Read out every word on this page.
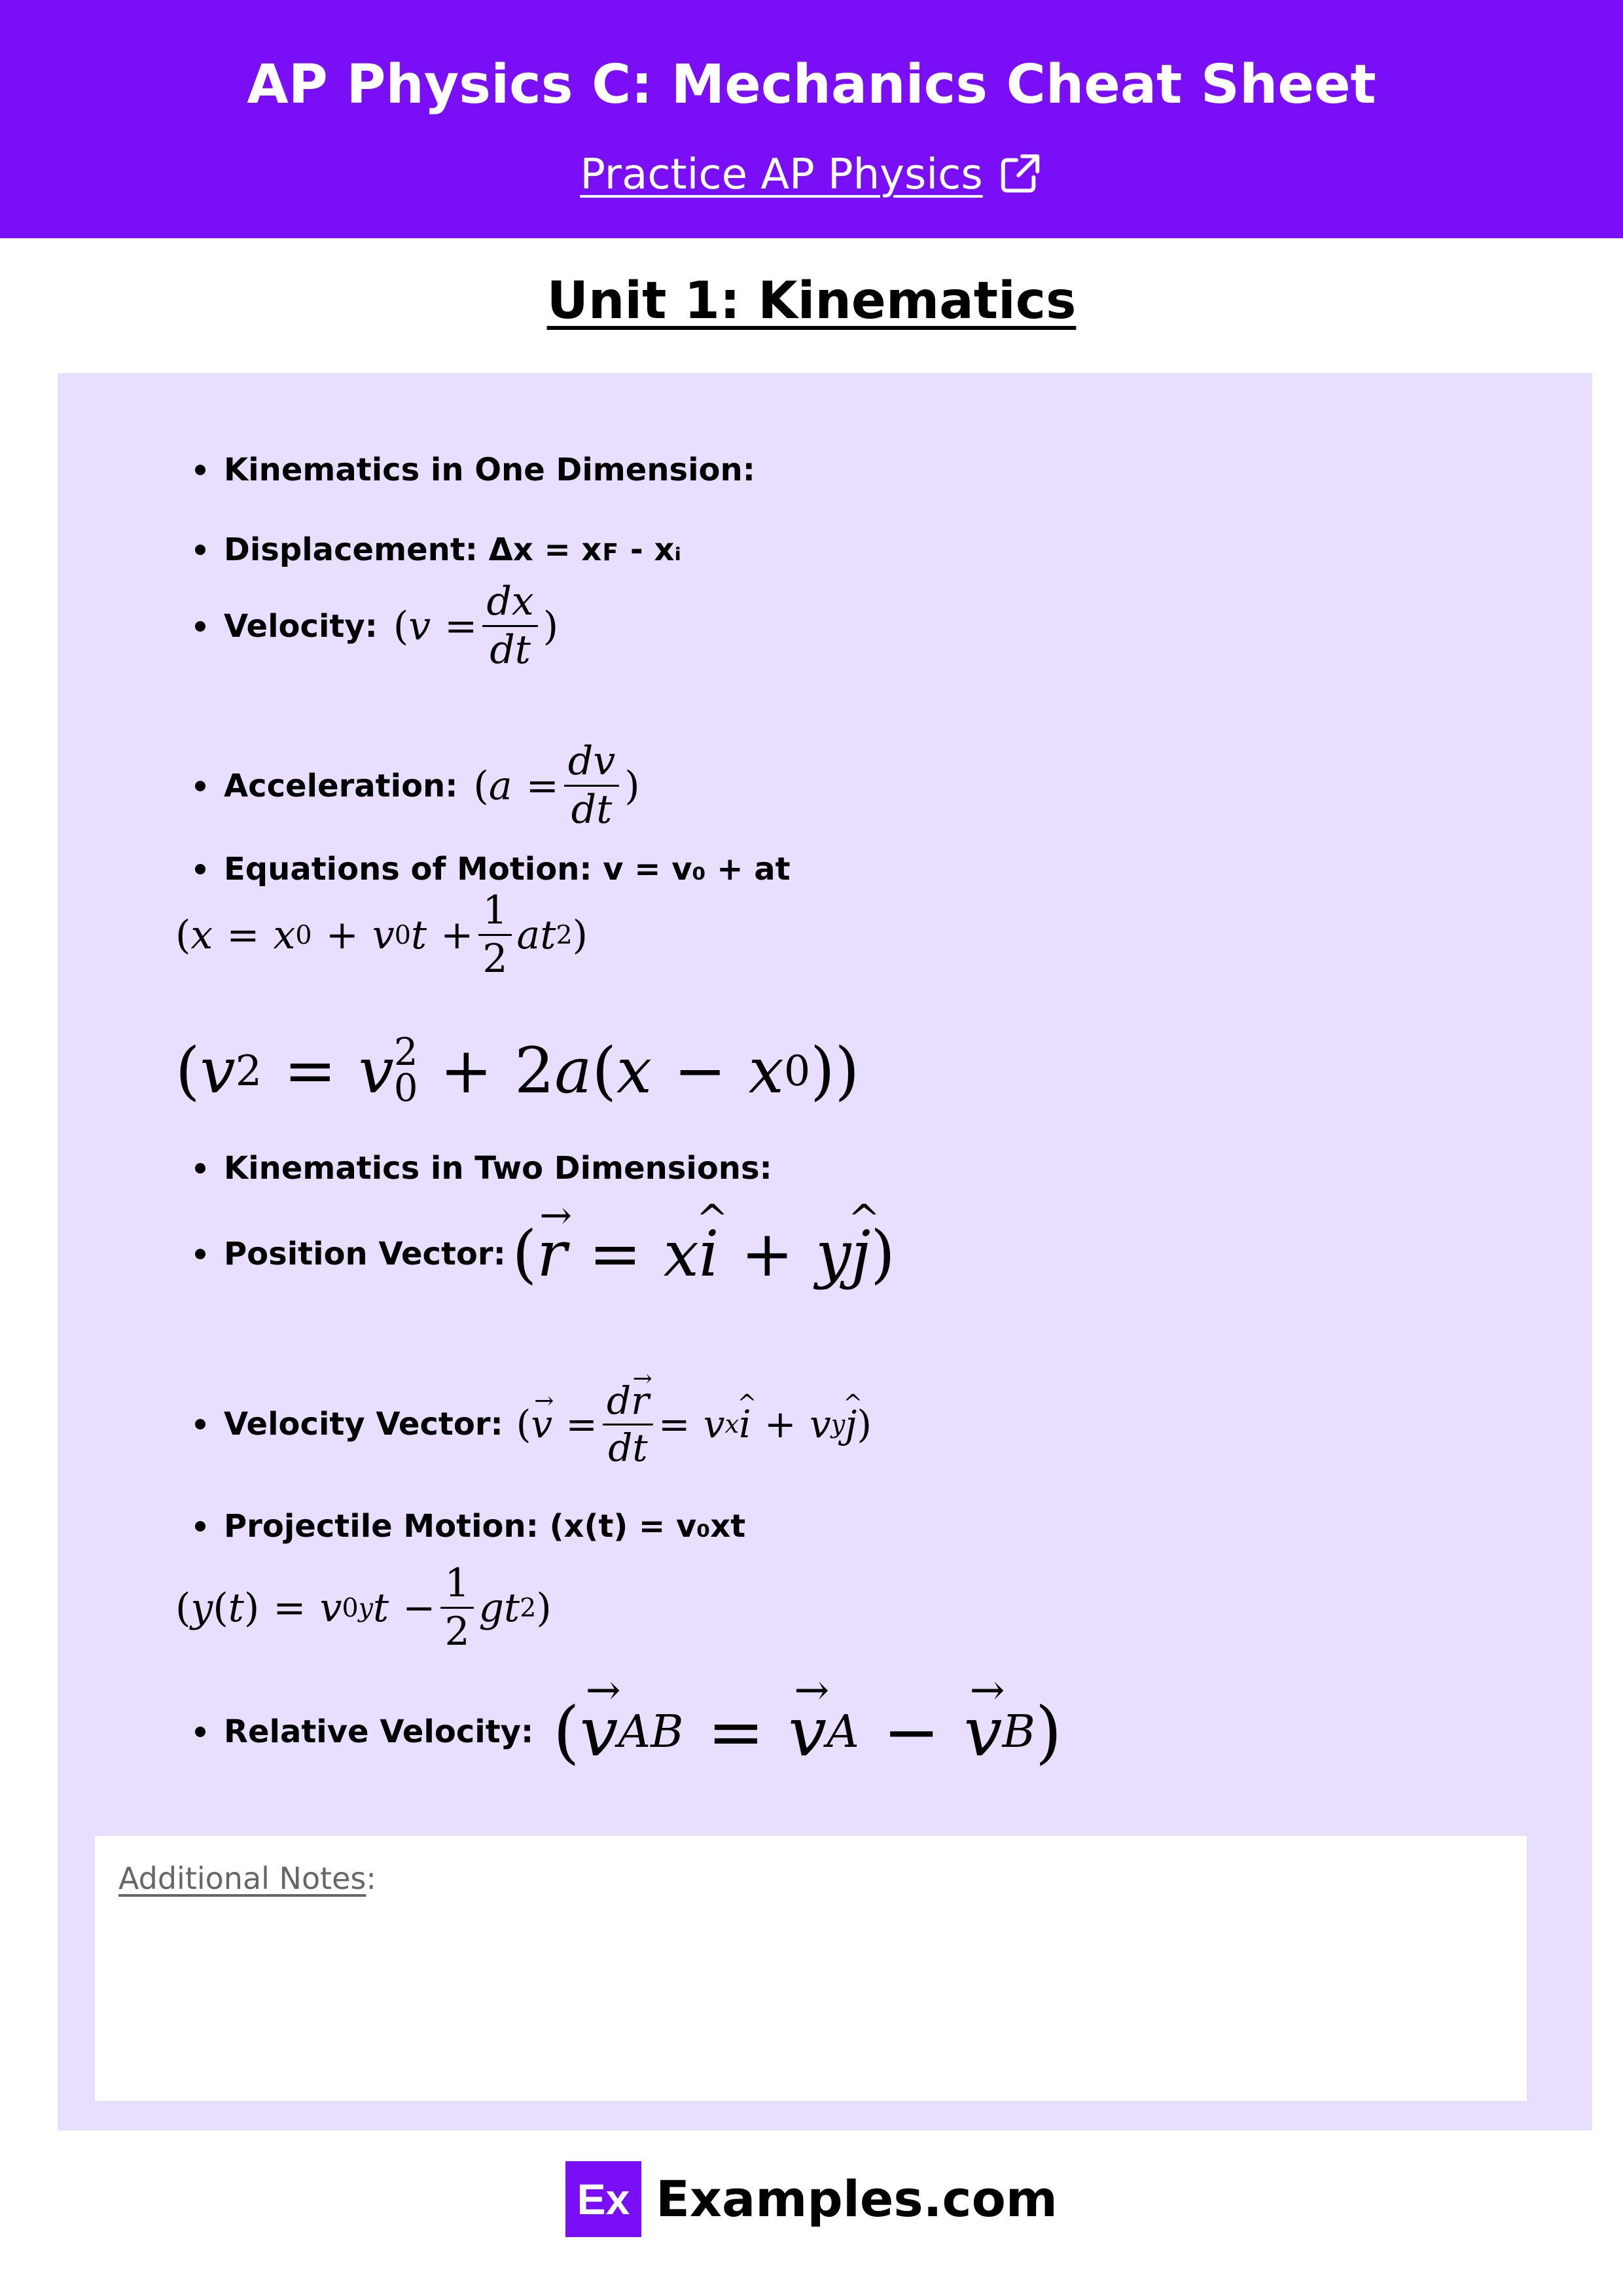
AP Physics C: Mechanics Cheat Sheet
Practice AP Physics
Unit 1: Kinematics
Kinematics in One Dimension:
Displacement: Δx = xꜰ - xᵢ
Velocity: ( $v = \frac{dx}{dt}$ )
Acceleration: ( $a = \frac{dv}{dt}$ )
Equations of Motion: v = v₀ + at
( x = x 0 + v 0 $t + \frac{1}{2}$ at 2 )
( v 2 = v 2
0 + 2 a ( x − x 0 ))
Kinematics in Two Dimensions:
Position Vector: ( → r = x ^ i + y ^ j )
Velocity Vector: ( → $v = \frac{d\to r}{dt} = v$ x ^ i + v y ^ j )
Projectile Motion: (x(t) = v₀xt
( y ( t ) = v 0y $t - \frac{1}{2}$ gt 2 )
Relative Velocity: ( → v AB = → v A − → v B )
Additional Notes:
Ex Examples.com
